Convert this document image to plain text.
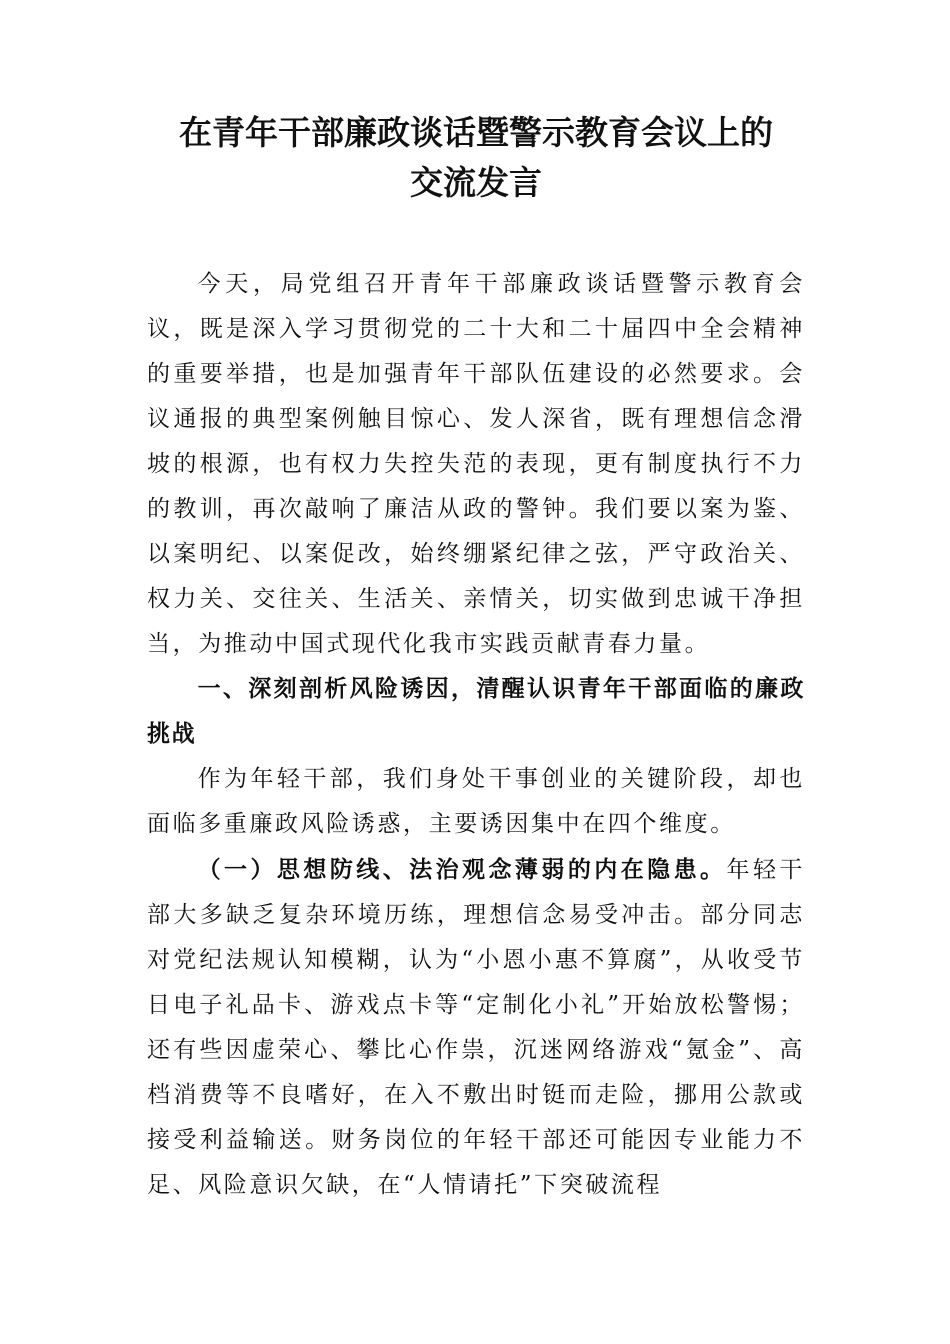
在青年干部廉政谈话暨警示教育会议上的
交流发言

今天，局党组召开青年干部廉政谈话暨警示教育会议，既是深入学习贯彻党的二十大和二十届四中全会精神的重要举措，也是加强青年干部队伍建设的必然要求。会议通报的典型案例触目惊心、发人深省，既有理想信念滑坡的根源，也有权力失控失范的表现，更有制度执行不力的教训，再次敲响了廉洁从政的警钟。我们要以案为鉴、以案明纪、以案促改，始终绷紧纪律之弦，严守政治关、权力关、交往关、生活关、亲情关，切实做到忠诚干净担当，为推动中国式现代化我市实践贡献青春力量。

一、深刻剖析风险诱因，清醒认识青年干部面临的廉政挑战

作为年轻干部，我们身处干事创业的关键阶段，却也面临多重廉政风险诱惑，主要诱因集中在四个维度。

（一）思想防线、法治观念薄弱的内在隐患。年轻干部大多缺乏复杂环境历练，理想信念易受冲击。部分同志对党纪法规认知模糊，认为“小恩小惠不算腐”，从收受节日电子礼品卡、游戏点卡等“定制化小礼”开始放松警惕；还有些因虚荣心、攀比心作祟，沉迷网络游戏“氪金”、高档消费等不良嗜好，在入不敷出时铤而走险，挪用公款或接受利益输送。财务岗位的年轻干部还可能因专业能力不足、风险意识欠缺，在“人情请托”下突破流程
